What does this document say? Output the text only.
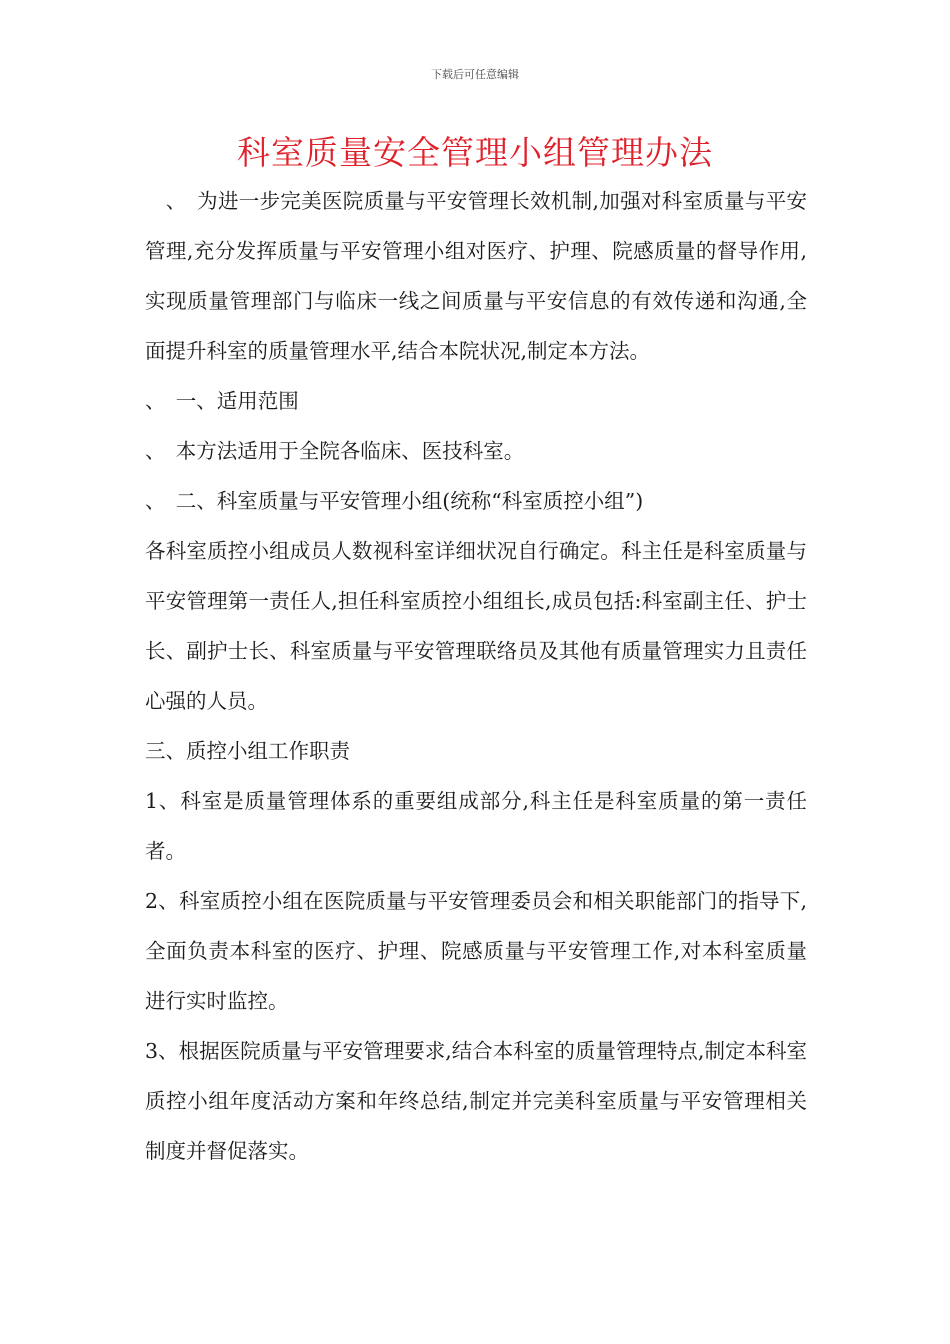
下载后可任意编辑
科室质量安全管理小组管理办法

　、　为进一步完美医院质量与平安管理长效机制,加强对科室质量与平安管理,充分发挥质量与平安管理小组对医疗、护理、院感质量的督导作用,实现质量管理部门与临床一线之间质量与平安信息的有效传递和沟通,全面提升科室的质量管理水平,结合本院状况,制定本方法。

、　一、适用范围

、　本方法适用于全院各临床、医技科室。

、　二、科室质量与平安管理小组(统称“科室质控小组”)

各科室质控小组成员人数视科室详细状况自行确定。科主任是科室质量与平安管理第一责任人,担任科室质控小组组长,成员包括:科室副主任、护士长、副护士长、科室质量与平安管理联络员及其他有质量管理实力且责任心强的人员。

三、质控小组工作职责

1、科室是质量管理体系的重要组成部分,科主任是科室质量的第一责任者。

2、科室质控小组在医院质量与平安管理委员会和相关职能部门的指导下,全面负责本科室的医疗、护理、院感质量与平安管理工作,对本科室质量进行实时监控。

3、根据医院质量与平安管理要求,结合本科室的质量管理特点,制定本科室质控小组年度活动方案和年终总结,制定并完美科室质量与平安管理相关制度并督促落实。
